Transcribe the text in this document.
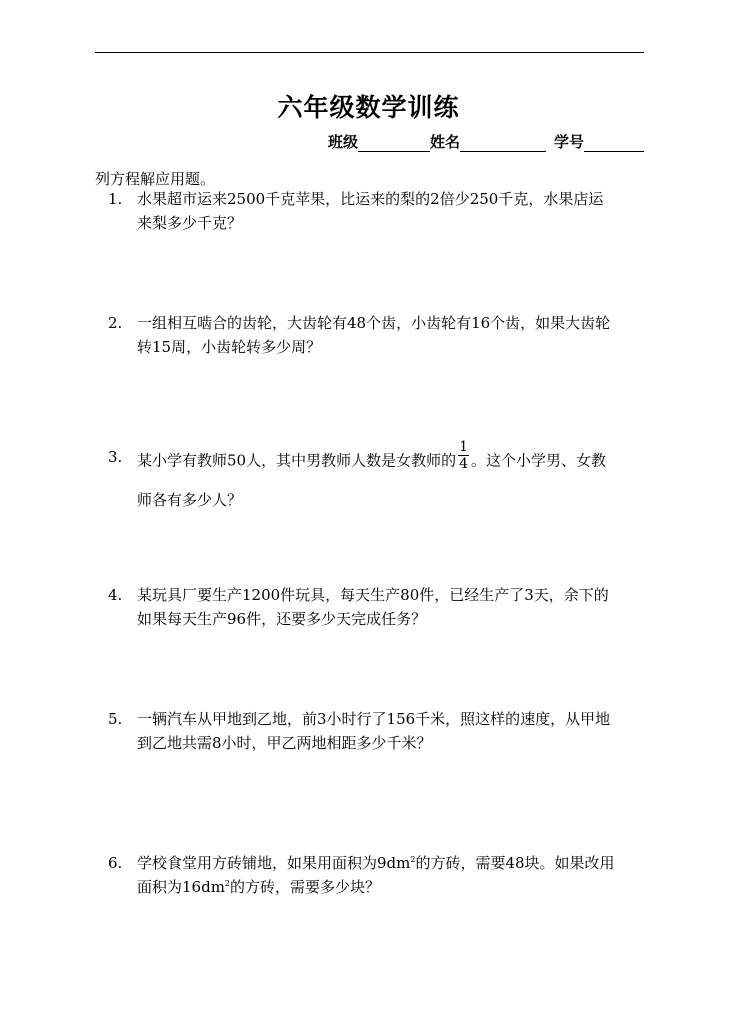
六年级数学训练
班级	姓名	学号
列方程解应用题。
1. 水果超市运来2500千克苹果，比运来的梨的2倍少250千克，水果店运
来梨多少千克？
2. 一组相互啮合的齿轮，大齿轮有48个齿，小齿轮有16个齿，如果大齿轮
转15周，小齿轮转多少周？
3. 某小学有教师50人，其中男教师人数是女教师的 $\frac{1}{4}$ 。这个小学男、女教
师各有多少人？
4. 某玩具厂要生产1200件玩具，每天生产80件，已经生产了3天，余下的
如果每天生产96件，还要多少天完成任务？
5. 一辆汽车从甲地到乙地，前3小时行了156千米，照这样的速度，从甲地
到乙地共需8小时，甲乙两地相距多少千米？
6. 学校食堂用方砖铺地，如果用面积为$9dm^2$的方砖，需要48块。如果改用
面积为$16dm^2$的方砖，需要多少块？
